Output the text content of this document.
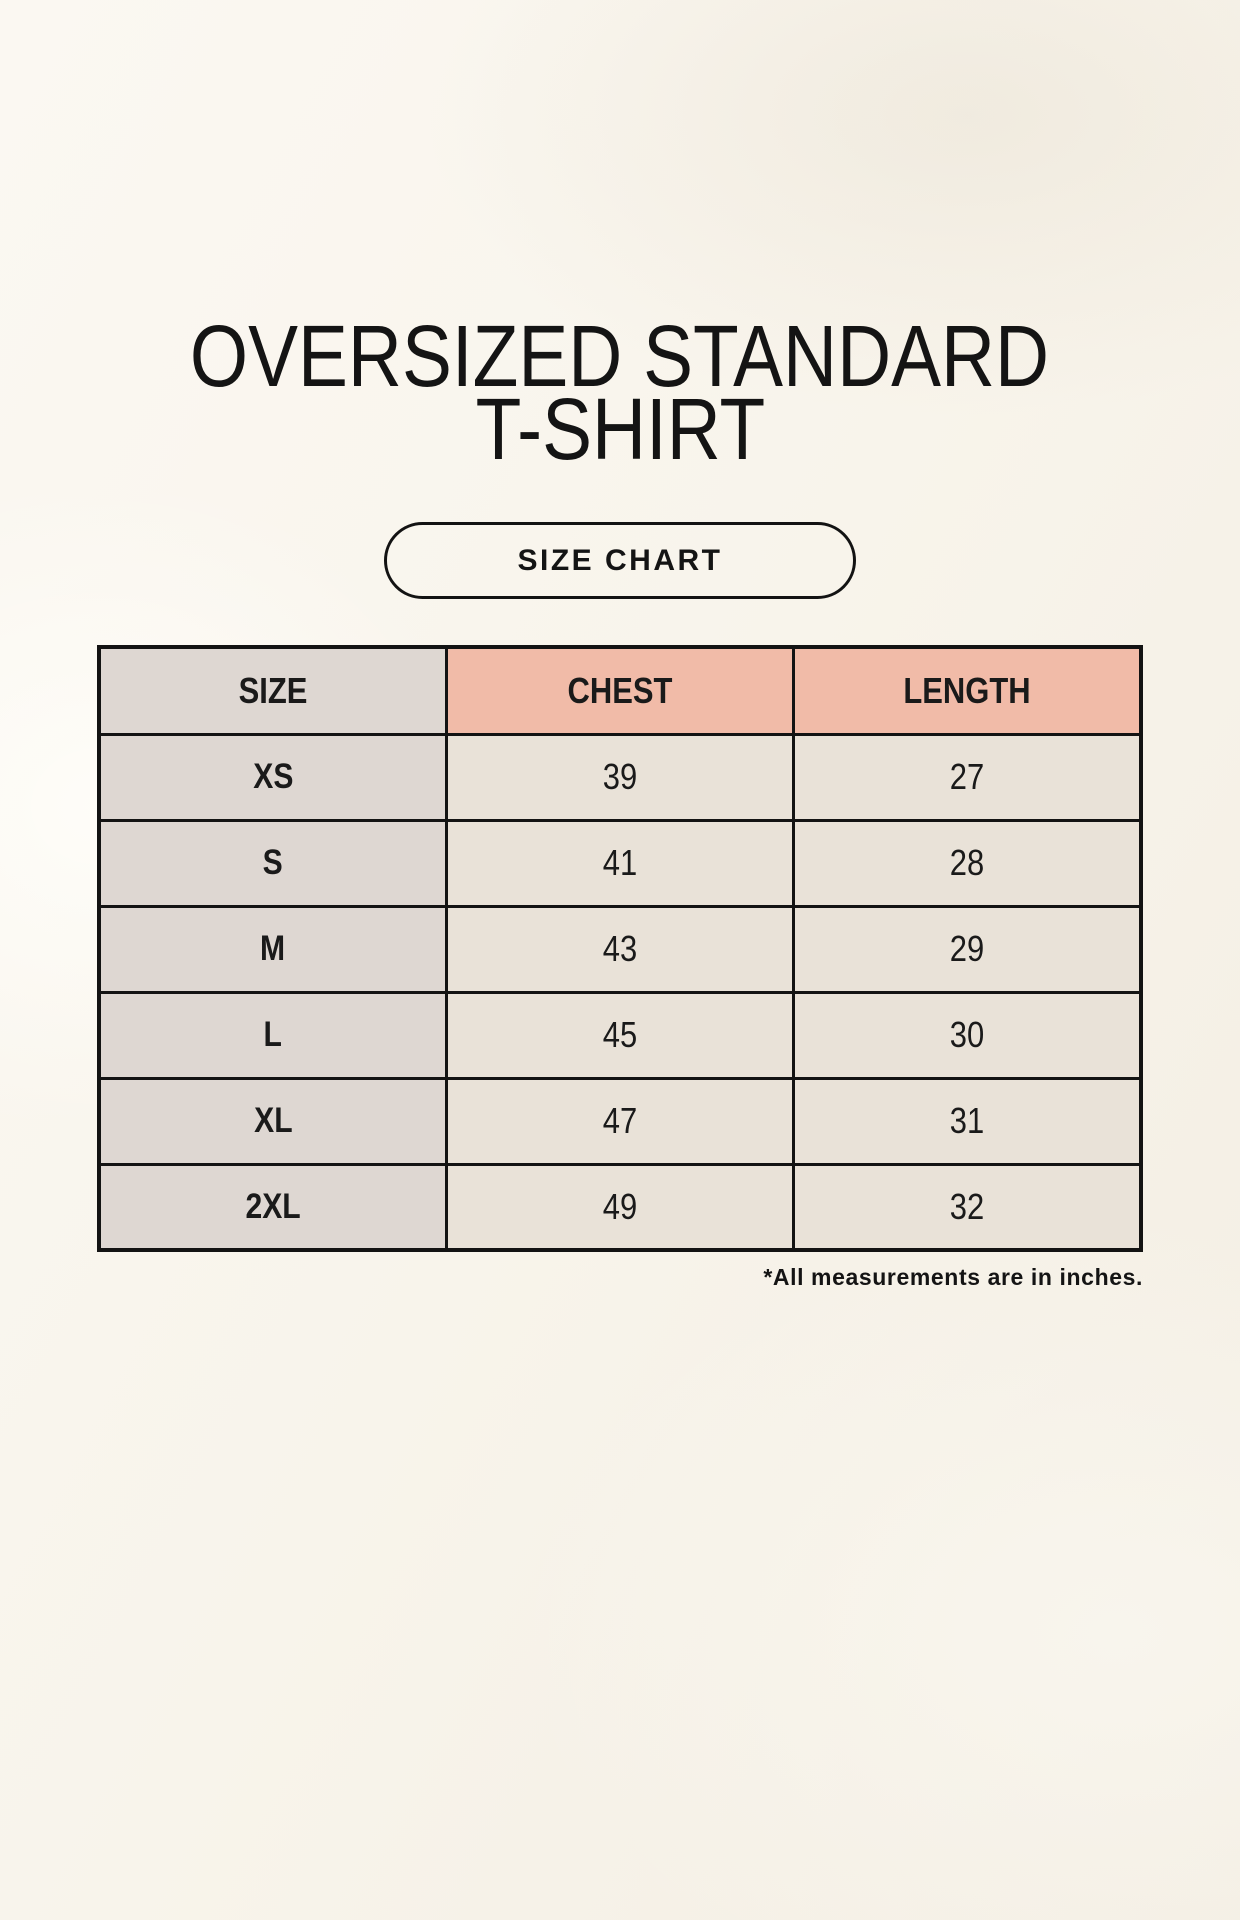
OVERSIZED STANDARD
T-SHIRT
SIZE CHART
SIZE	CHEST	LENGTH
XS	39	27
S	41	28
M	43	29
L	45	30
XL	47	31
2XL	49	32
*All measurements are in inches.
